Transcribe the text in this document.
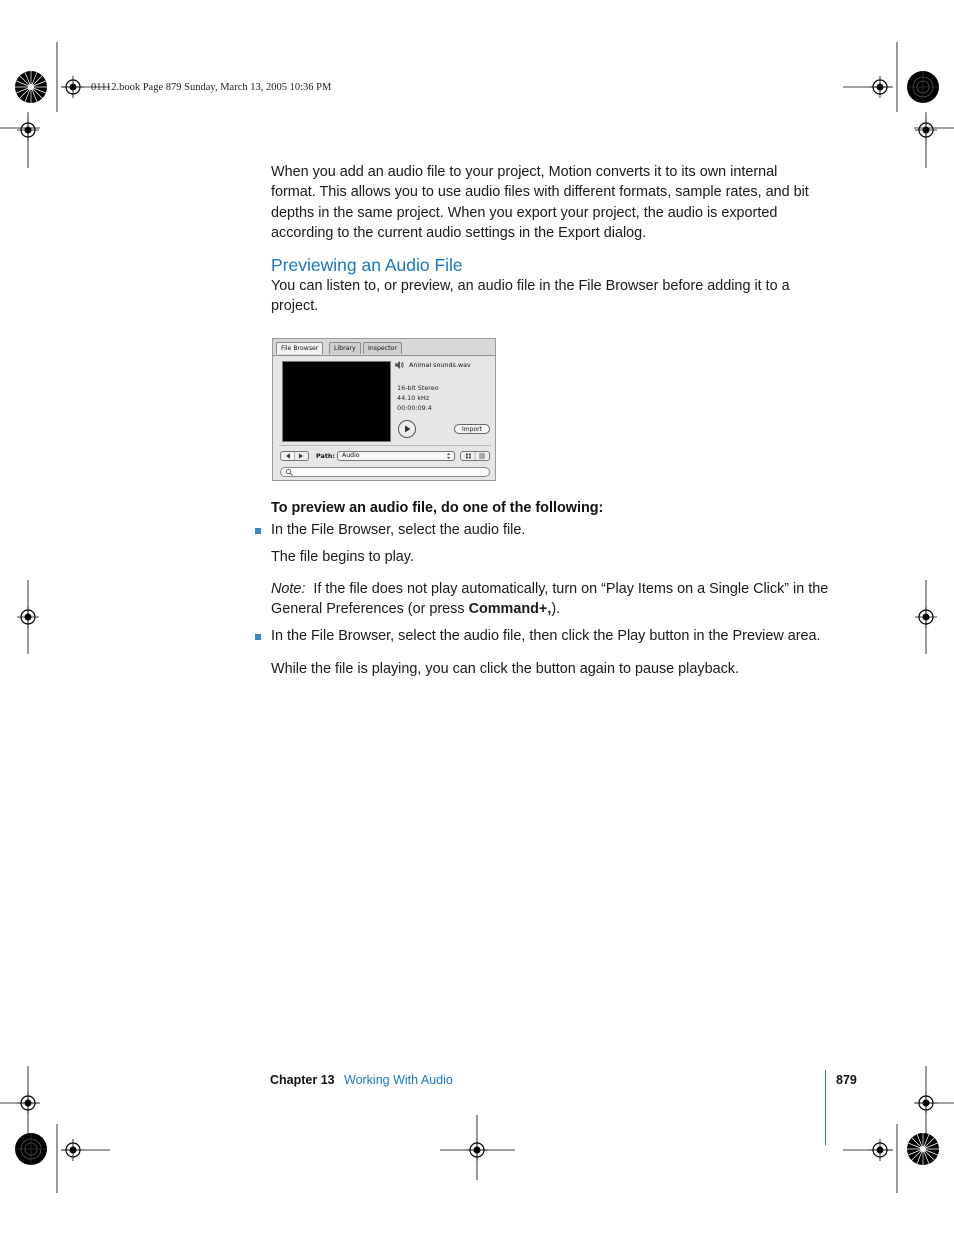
01112.book Page 879 Sunday, March 13, 2005 10:36 PM
When you add an audio file to your project, Motion converts it to its own internal format. This allows you to use audio files with different formats, sample rates, and bit depths in the same project. When you export your project, the audio is exported according to the current audio settings in the Export dialog.
Previewing an Audio File
You can listen to, or preview, an audio file in the File Browser before adding it to a project.
File Browser	Library	Inspector
Animal sounds.wav
16-bit Stereo
44.10 kHz
00:00:09.4
Import
Path:	Audio
To preview an audio file, do one of the following:
In the File Browser, select the audio file.
The file begins to play.
Note: If the file does not play automatically, turn on “Play Items on a Single Click” in the General Preferences (or press Command+,).
In the File Browser, select the audio file, then click the Play button in the Preview area.
While the file is playing, you can click the button again to pause playback.
Chapter 13 Working With Audio	879
